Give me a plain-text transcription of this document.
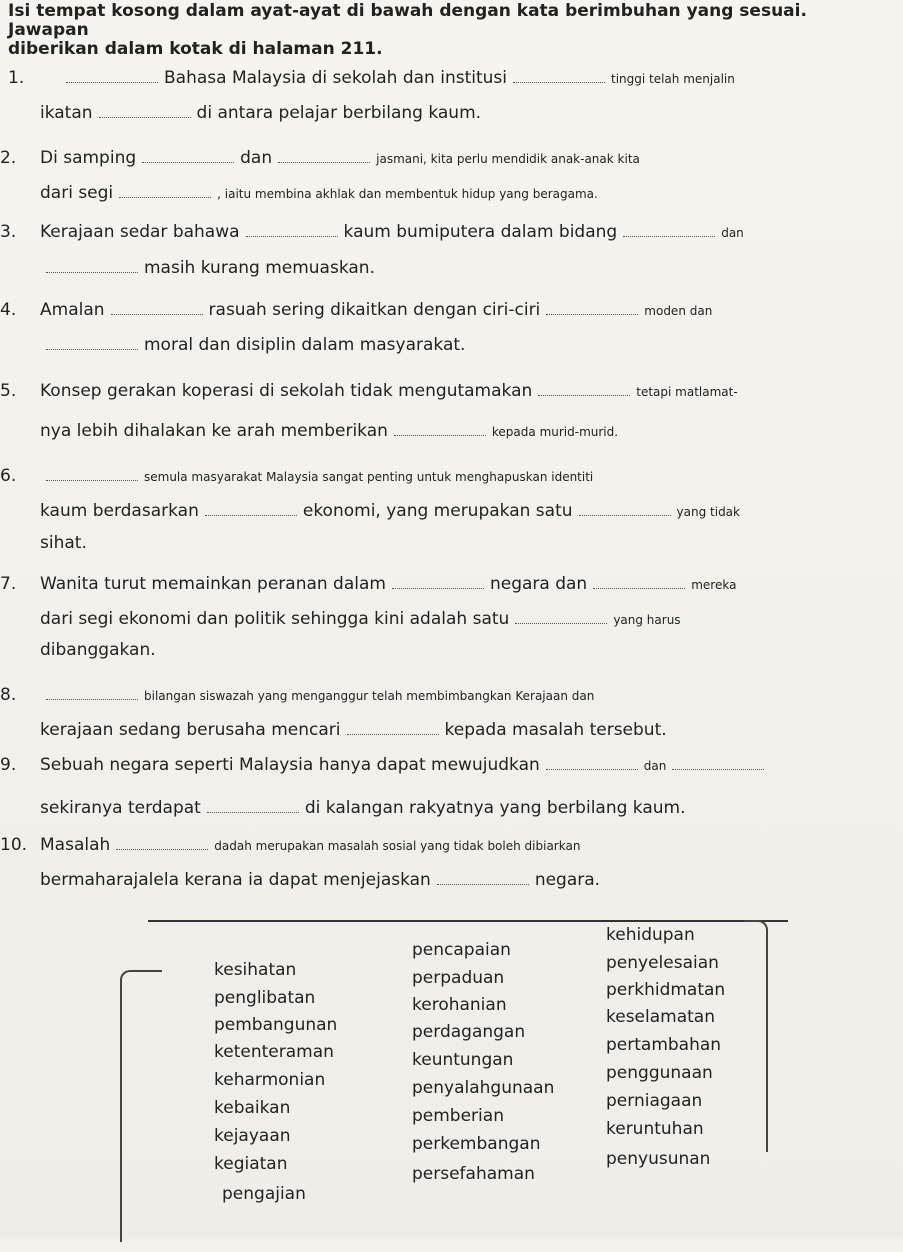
Isi tempat kosong dalam ayat-ayat di bawah dengan kata berimbuhan yang sesuai. Jawapan
diberikan dalam kotak di halaman 211.
1.	Bahasa Malaysia di sekolah dan institusi	tinggi telah menjalin
ikatan	di antara pelajar berbilang kaum.
2. Di samping	dan	jasmani, kita perlu mendidik anak-anak kita
dari segi	, iaitu membina akhlak dan membentuk hidup yang beragama.
3. Kerajaan sedar bahawa	kaum bumiputera dalam bidang	dan
masih kurang memuaskan.
4. Amalan	rasuah sering dikaitkan dengan ciri-ciri	moden dan
moral dan disiplin dalam masyarakat.
5. Konsep gerakan koperasi di sekolah tidak mengutamakan	tetapi matlamat-
nya lebih dihalakan ke arah memberikan	kepada murid-murid.
6.	semula masyarakat Malaysia sangat penting untuk menghapuskan identiti
kaum berdasarkan	ekonomi, yang merupakan satu	yang tidak
sihat.
7. Wanita turut memainkan peranan dalam	negara dan	mereka
dari segi ekonomi dan politik sehingga kini adalah satu	yang harus
dibanggakan.
8.	bilangan siswazah yang menganggur telah membimbangkan Kerajaan dan
kerajaan sedang berusaha mencari	kepada masalah tersebut.
Sebuah negara seperti Malaysia hanya dapat mewujudkan	dan
9.
sekiranya terdapat	di kalangan rakyatnya yang berbilang kaum.
10. Masalah	dadah merupakan masalah sosial yang tidak boleh dibiarkan
bermaharajalela kerana ia dapat menjejaskan	negara.
kesihatan
penglibatan
pembangunan
ketenteraman
keharmonian
kebaikan
kejayaan
kegiatan
pengajian
pencapaian
perpaduan
kerohanian
perdagangan
keuntungan
penyalahgunaan
pemberian
perkembangan
persefahaman
kehidupan
penyelesaian
perkhidmatan
keselamatan
pertambahan
penggunaan
perniagaan
keruntuhan
penyusunan
